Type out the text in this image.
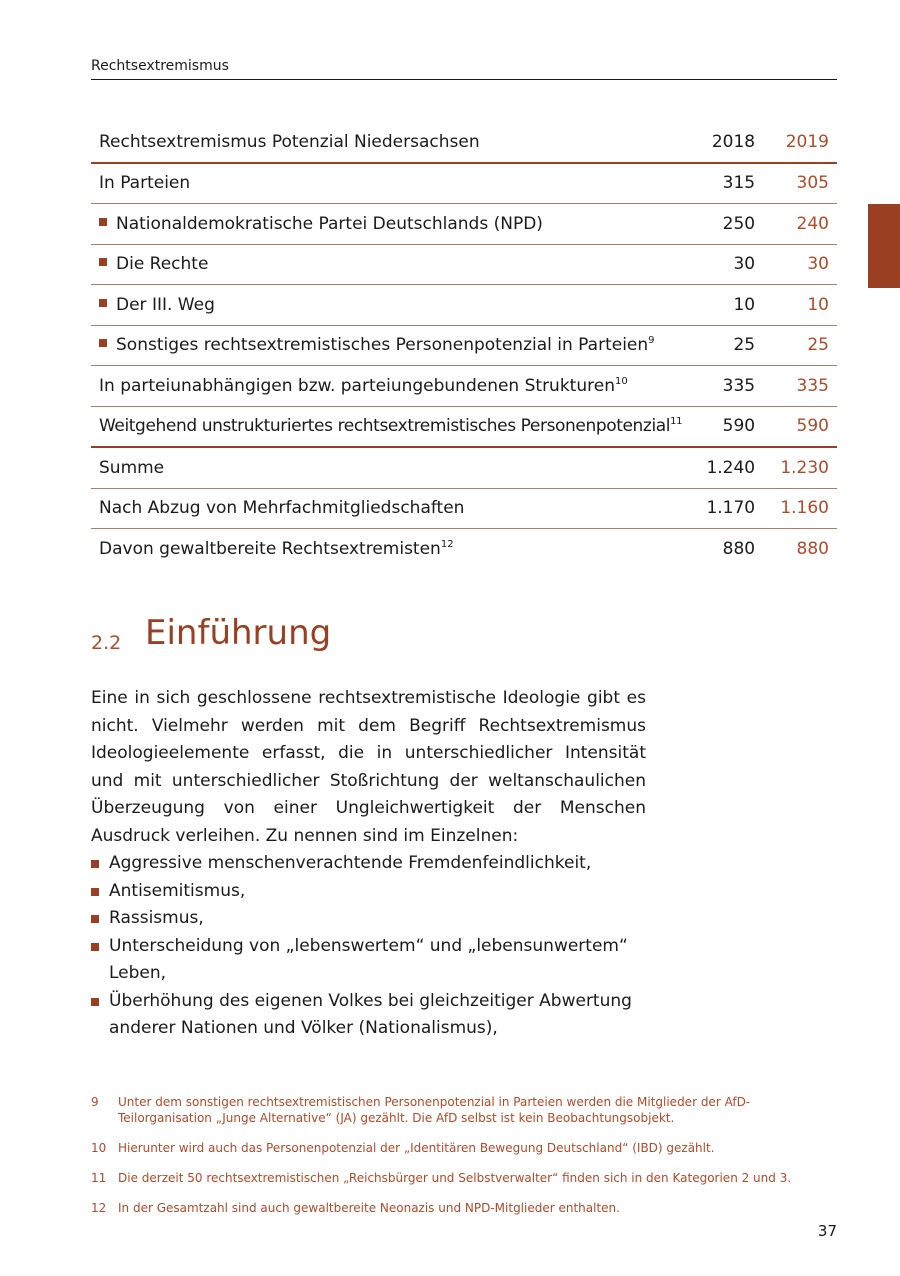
Rechtsextremismus
Rechtsextremismus Potenzial Niedersachsen	2018	2019
In Parteien	315	305
Nationaldemokratische Partei Deutschlands (NPD)	250	240
Die Rechte	30	30
Der III. Weg	10	10
Sonstiges rechtsextremistisches Personenpotenzial in Parteien$^9$	25	25
In parteiunabhängigen bzw. parteiungebundenen Strukturen$^{10}$	335	335
Weitgehend unstrukturiertes rechtsextremistisches Personenpotenzial$^{11}$	590	590
Summe	1.240	1.230
Nach Abzug von Mehrfachmitgliedschaften	1.170	1.160
Davon gewaltbereite Rechtsextremisten$^{12}$	880	880
2.2 Einführung

Eine in sich geschlossene rechtsextremistische Ideologie gibt es nicht. Vielmehr werden mit dem Begriff Rechtsextremismus Ideologieelemente erfasst, die in unterschiedlicher Intensität und mit unterschiedlicher Stoßrichtung der weltanschaulichen Überzeugung von einer Ungleichwertigkeit der Menschen Ausdruck verleihen. Zu nennen sind im Einzelnen:

Aggressive menschenverachtende Fremdenfeindlichkeit,
Antisemitismus,
Rassismus,
Unterscheidung von „lebenswertem“ und „lebensunwertem“ Leben,
Überhöhung des eigenen Volkes bei gleichzeitiger Abwertung anderer Nationen und Völker (Nationalismus),
9	Unter dem sonstigen rechtsextremistischen Personenpotenzial in Parteien werden die Mitglieder der AfD-Teilorganisation „Junge Alternative“ (JA) gezählt. Die AfD selbst ist kein Beobachtungsobjekt.
10 Hierunter wird auch das Personenpotenzial der „Identitären Bewegung Deutschland“ (IBD) gezählt.
11 Die derzeit 50 rechtsextremistischen „Reichsbürger und Selbstverwalter“ finden sich in den Kategorien 2 und 3.
12 In der Gesamtzahl sind auch gewaltbereite Neonazis und NPD-Mitglieder enthalten.
37
